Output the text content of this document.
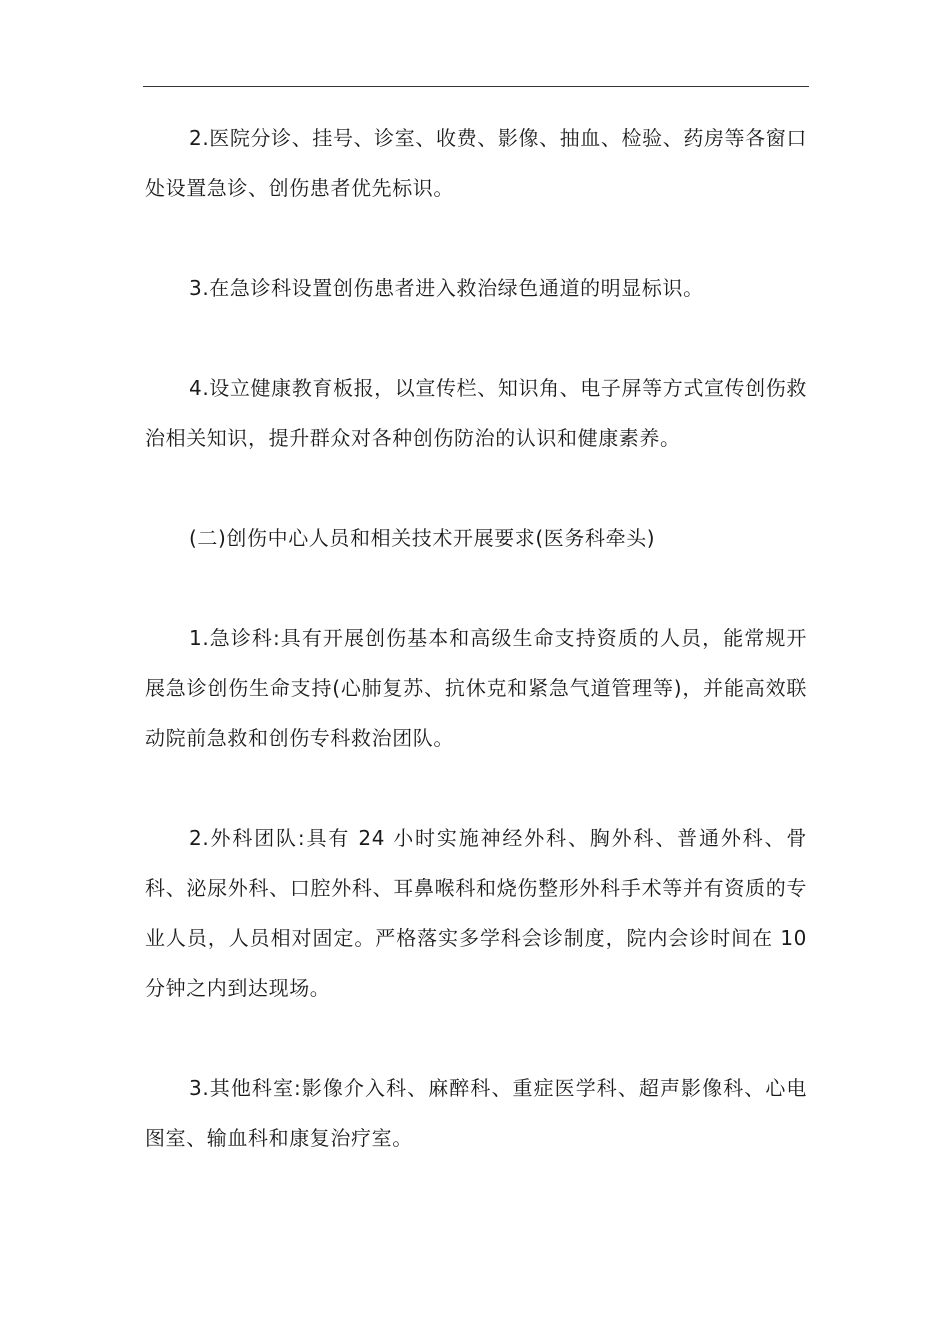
2.医院分诊、挂号、诊室、收费、影像、抽血、检验、药房等各窗口处设置急诊、创伤患者优先标识。

3.在急诊科设置创伤患者进入救治绿色通道的明显标识。

4.设立健康教育板报，以宣传栏、知识角、电子屏等方式宣传创伤救治相关知识，提升群众对各种创伤防治的认识和健康素养。

(二)创伤中心人员和相关技术开展要求(医务科牵头)

1.急诊科:具有开展创伤基本和高级生命支持资质的人员，能常规开展急诊创伤生命支持(心肺复苏、抗休克和紧急气道管理等)，并能高效联动院前急救和创伤专科救治团队。

2.外科团队:具有 24 小时实施神经外科、胸外科、普通外科、骨科、泌尿外科、口腔外科、耳鼻喉科和烧伤整形外科手术等并有资质的专业人员，人员相对固定。严格落实多学科会诊制度，院内会诊时间在 10 分钟之内到达现场。

3.其他科室:影像介入科、麻醉科、重症医学科、超声影像科、心电图室、输血科和康复治疗室。
